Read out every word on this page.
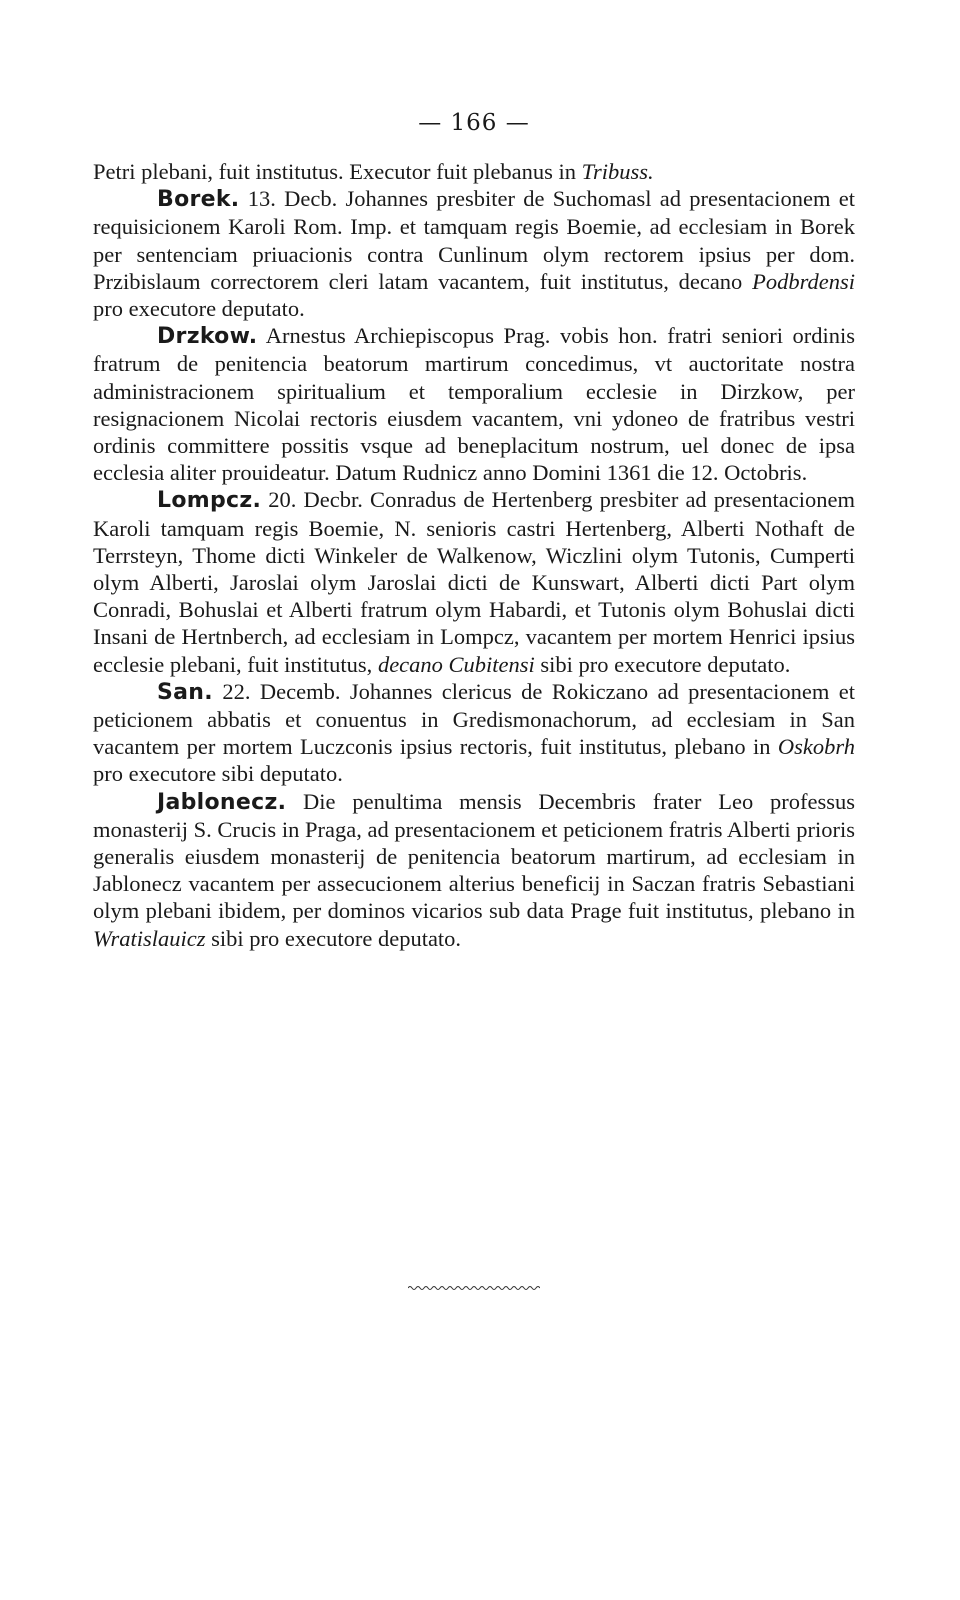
— 166 —

Petri plebani, fuit institutus. Executor fuit plebanus in Tribuss.

Borek. 13. Decb. Johannes presbiter de Suchomasl ad presentacionem et requisicionem Karoli Rom. Imp. et tamquam regis Boemie, ad ecclesiam in Borek per sentenciam priuacionis contra Cunlinum olym rectorem ipsius per dom. Przibislaum correctorem cleri latam vacantem, fuit institutus, decano Podbrdensi pro executore deputato.

Drzkow. Arnestus Archiepiscopus Prag. vobis hon. fratri seniori ordinis fratrum de penitencia beatorum martirum concedimus, vt auctoritate nostra administracionem spiritualium et temporalium ecclesie in Dirzkow, per resignacionem Nicolai rectoris eiusdem vacantem, vni ydoneo de fratribus vestri ordinis committere possitis vsque ad beneplacitum nostrum, uel donec de ipsa ecclesia aliter prouideatur. Datum Rudnicz anno Domini 1361 die 12. Octobris.

Lompcz. 20. Decbr. Conradus de Hertenberg presbiter ad presentacionem Karoli tamquam regis Boemie, N. senioris castri Hertenberg, Alberti Nothaft de Terrsteyn, Thome dicti Winkeler de Walkenow, Wiczlini olym Tutonis, Cumperti olym Alberti, Jaroslai olym Jaroslai dicti de Kunswart, Alberti dicti Part olym Conradi, Bohuslai et Alberti fratrum olym Habardi, et Tutonis olym Bohuslai dicti Insani de Hertnberch, ad ecclesiam in Lompcz, vacantem per mortem Henrici ipsius ecclesie plebani, fuit institutus, decano Cubitensi sibi pro executore deputato.

San. 22. Decemb. Johannes clericus de Rokiczano ad presentacionem et peticionem abbatis et conuentus in Gredismonachorum, ad ecclesiam in San vacantem per mortem Luczconis ipsius rectoris, fuit institutus, plebano in Oskobrh pro executore sibi deputato.

Jablonecz. Die penultima mensis Decembris frater Leo professus monasterij S. Crucis in Praga, ad presentacionem et peticionem fratris Alberti prioris generalis eiusdem monasterij de penitencia beatorum martirum, ad ecclesiam in Jablonecz vacantem per assecucionem alterius beneficij in Saczan fratris Sebastiani olym plebani ibidem, per dominos vicarios sub data Prage fuit institutus, plebano in Wratislauicz sibi pro executore deputato.
